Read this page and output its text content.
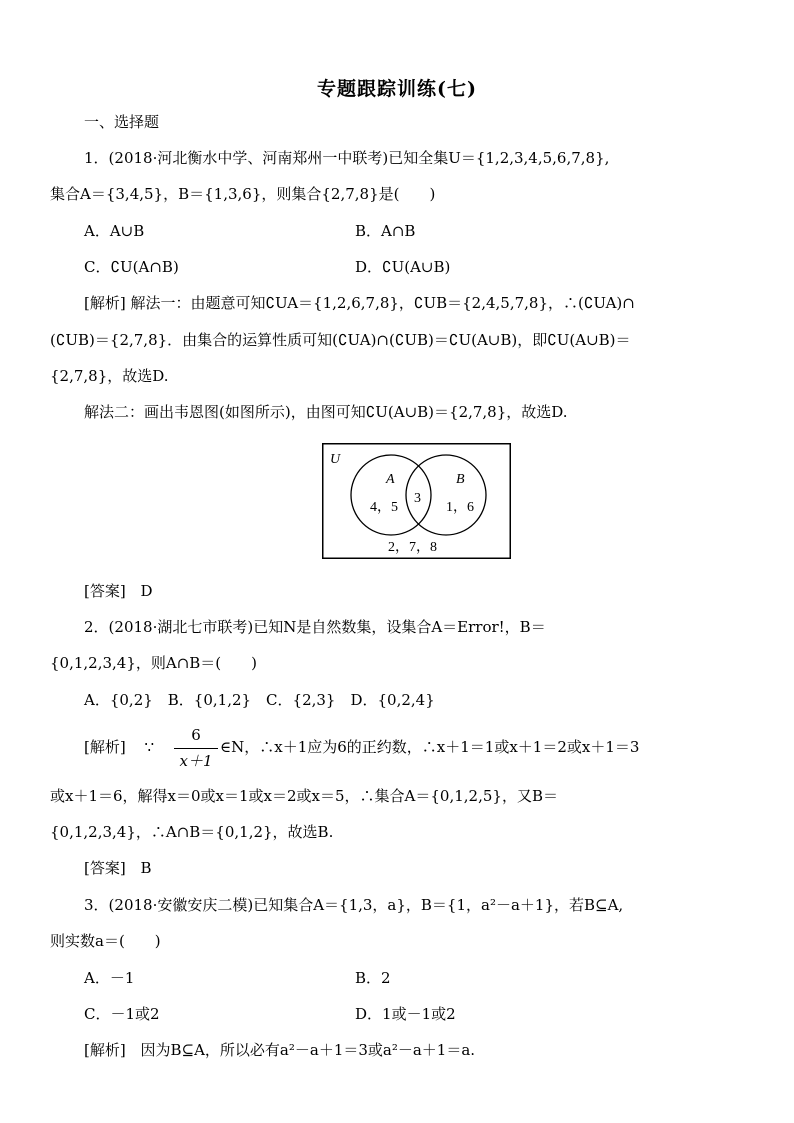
专题跟踪训练(七)
一、选择题
1．(2018·河北衡水中学、河南郑州一中联考)已知全集U＝{1,2,3,4,5,6,7,8},
集合A＝{3,4,5}，B＝{1,3,6}，则集合{2,7,8}是(　　)
A．A∪B	B．A∩B
C．∁U(A∩B)	D．∁U(A∪B)
[解析] 解法一：由题意可知∁UA＝{1,2,6,7,8}，∁UB＝{2,4,5,7,8}，∴(∁UA)∩
(∁UB)＝{2,7,8}．由集合的运算性质可知(∁UA)∩(∁UB)＝∁U(A∪B)，即∁U(A∪B)＝
{2,7,8}，故选D.
解法二：画出韦恩图(如图所示)，由图可知∁U(A∪B)＝{2,7,8}，故选D.
U
A	B
4，5
3
1，6
2，7，8
[答案] D
2．(2018·湖北七市联考)已知N是自然数集，设集合A＝Error!，B＝
{0,1,2,3,4}，则A∩B＝(　　)
A．{0,2}　B．{0,1,2}　C．{2,3}　D．{0,2,4}
[解析] ∵
6
x＋1
∈N，∴x＋1应为6的正约数，∴x＋1＝1或x＋1＝2或x＋1＝3
或x＋1＝6，解得x＝0或x＝1或x＝2或x＝5，∴集合A＝{0,1,2,5}，又B＝
{0,1,2,3,4}，∴A∩B＝{0,1,2}，故选B.
[答案] B
3．(2018·安徽安庆二模)已知集合A＝{1,3，a}，B＝{1，a²－a＋1}，若B⊆A,
则实数a＝(　　)
A．－1	B．2
C．－1或2	D．1或－1或2
[解析] 因为B⊆A，所以必有a²－a＋1＝3或a²－a＋1＝a.
